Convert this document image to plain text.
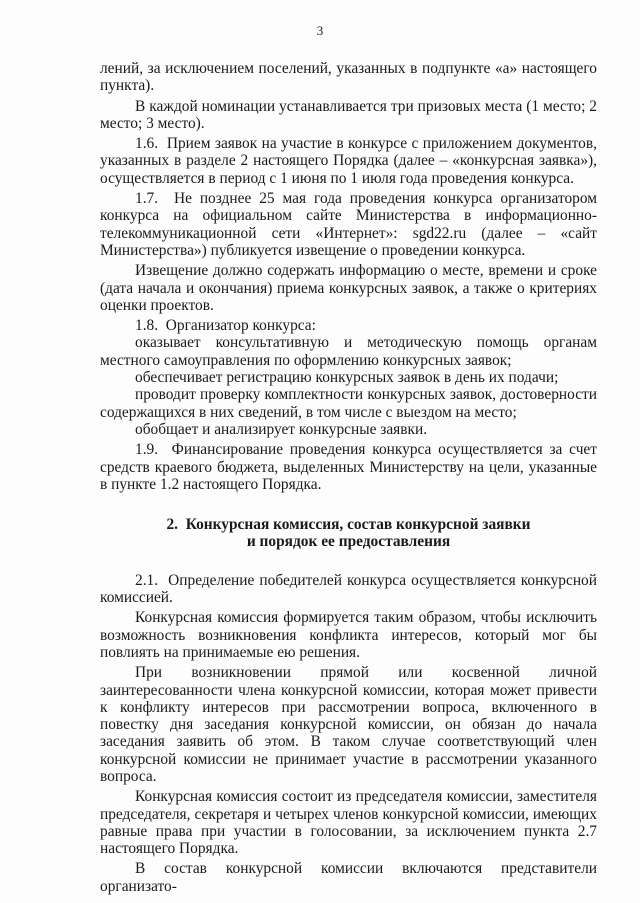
3

лений, за исключением поселений, указанных в подпункте «а» настоящего пункта).

В каждой номинации устанавливается три призовых места (1 место; 2 место; 3 место).

1.6.  Прием заявок на участие в конкурсе с приложением документов, указанных в разделе 2 настоящего Порядка (далее – «конкурсная заявка»), осуществляется в период с 1 июня по 1 июля года проведения конкурса.

1.7.  Не позднее 25 мая года проведения конкурса организатором конкурса на официальном сайте Министерства в информационно-телекоммуникационной сети «Интернет»: sgd22.ru (далее – «сайт Министерства») публикуется извещение о проведении конкурса.

Извещение должно содержать информацию о месте, времени и сроке (дата начала и окончания) приема конкурсных заявок, а также о критериях оценки проектов.

1.8.  Организатор конкурса:

оказывает консультативную и методическую помощь органам местного самоуправления по оформлению конкурсных заявок;

обеспечивает регистрацию конкурсных заявок в день их подачи;

проводит проверку комплектности конкурсных заявок, достоверности содержащихся в них сведений, в том числе с выездом на место;

обобщает и анализирует конкурсные заявки.

1.9.  Финансирование проведения конкурса осуществляется за счет средств краевого бюджета, выделенных Министерству на цели, указанные в пункте 1.2 настоящего Порядка.

2.  Конкурсная комиссия, состав конкурсной заявки
и порядок ее предоставления

2.1.  Определение победителей конкурса осуществляется конкурсной комиссией.

Конкурсная комиссия формируется таким образом, чтобы исключить возможность возникновения конфликта интересов, который мог бы повлиять на принимаемые ею решения.

При возникновении прямой или косвенной личной заинтересованности члена конкурсной комиссии, которая может привести к конфликту интересов при рассмотрении вопроса, включенного в повестку дня заседания конкурсной комиссии, он обязан до начала заседания заявить об этом. В таком случае соответствующий член конкурсной комиссии не принимает участие в рассмотрении указанного вопроса.

Конкурсная комиссия состоит из председателя комиссии, заместителя председателя, секретаря и четырех членов конкурсной комиссии, имеющих равные права при участии в голосовании, за исключением пункта 2.7 настоящего Порядка.

В состав конкурсной комиссии включаются представители организато-
